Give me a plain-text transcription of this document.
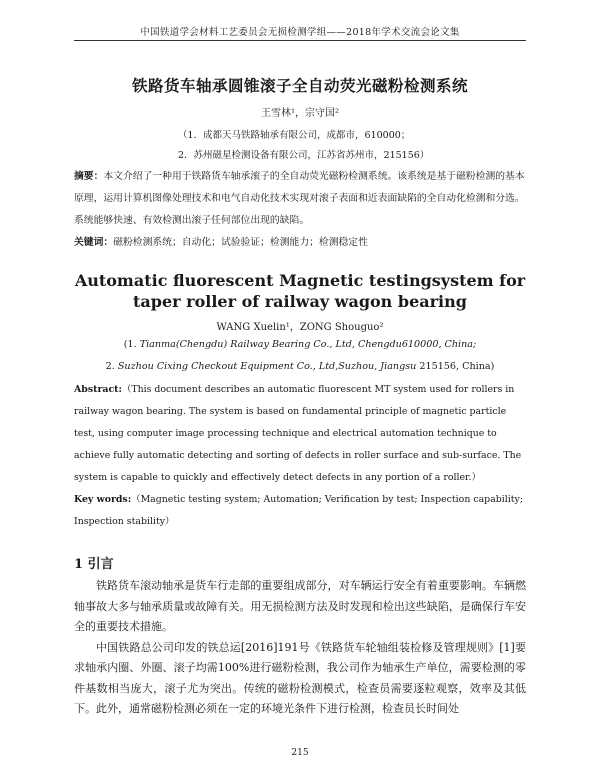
中国铁道学会材料工艺委员会无损检测学组——2018年学术交流会论文集
铁路货车轴承圆锥滚子全自动荧光磁粉检测系统
王雪林¹，宗守国²
（1．成都天马铁路轴承有限公司，成都市，610000；
2．苏州磁星检测设备有限公司，江苏省苏州市，215156）
摘要：本文介绍了一种用于铁路货车轴承滚子的全自动荧光磁粉检测系统。该系统是基于磁粉检测的基本原理，运用计算机图像处理技术和电气自动化技术实现对滚子表面和近表面缺陷的全自动化检测和分选。系统能够快速、有效检测出滚子任何部位出现的缺陷。
关键词：磁粉检测系统；自动化；试验验证；检测能力；检测稳定性
Automatic fluorescent Magnetic testingsystem for taper roller of railway wagon bearing
WANG Xuelin¹，ZONG Shouguo²
(1. Tianma(Chengdu) Railway Bearing Co., Ltd, Chengdu610000, China;
2. Suzhou Cixing Checkout Equipment Co., Ltd,Suzhou, Jiangsu 215156, China)
Abstract:（This document describes an automatic fluorescent MT system used for rollers in railway wagon bearing. The system is based on fundamental principle of magnetic particle test, using computer image processing technique and electrical automation technique to achieve fully automatic detecting and sorting of defects in roller surface and sub-surface. The system is capable to quickly and effectively detect defects in any portion of a roller.）
Key words:（Magnetic testing system; Automation; Verification by test; Inspection capability; Inspection stability）
1 引言

铁路货车滚动轴承是货车行走部的重要组成部分，对车辆运行安全有着重要影响。车辆燃轴事故大多与轴承质量或故障有关。用无损检测方法及时发现和检出这些缺陷，是确保行车安全的重要技术措施。

中国铁路总公司印发的铁总运[2016]191号《铁路货车轮轴组装检修及管理规则》[1]要求轴承内圈、外圈、滚子均需100%进行磁粉检测，我公司作为轴承生产单位，需要检测的零件基数相当庞大，滚子尤为突出。传统的磁粉检测模式，检查员需要逐粒观察，效率及其低下。此外，通常磁粉检测必须在一定的环境光条件下进行检测，检查员长时间处

215
